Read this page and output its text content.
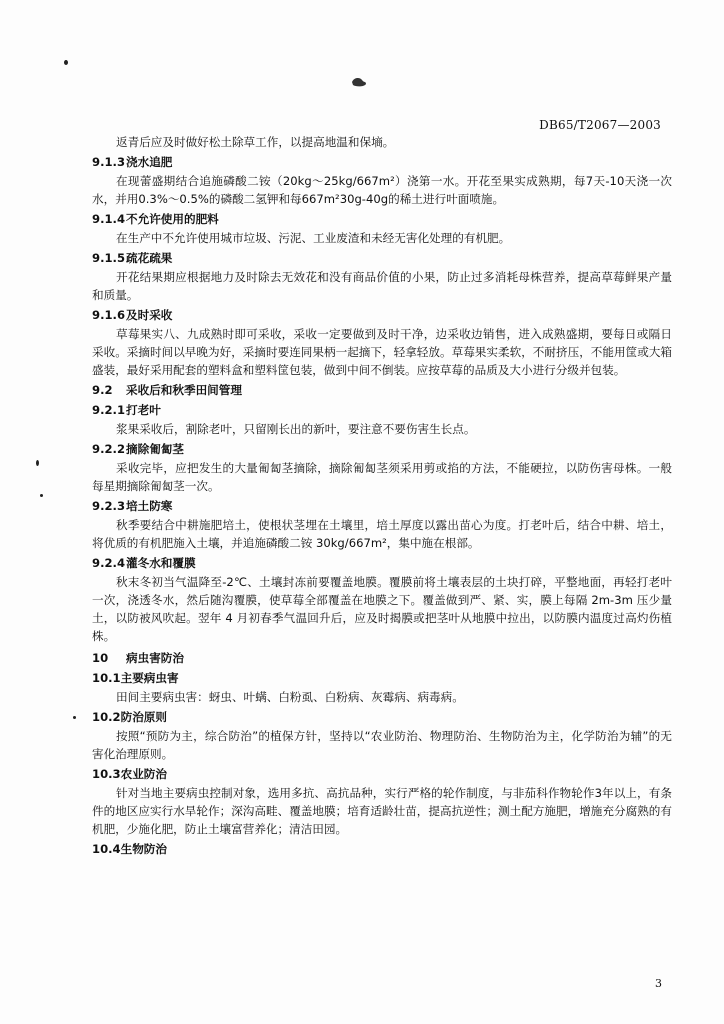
DB65/T2067—2003
返青后应及时做好松土除草工作，以提高地温和保墒。
9.1.3浇水追肥
在现蕾盛期结合追施磷酸二铵（20kg～25kg/667m²）浇第一水。开花至果实成熟期，每7天-10天浇一次水，并用0.3%～0.5%的磷酸二氢钾和每667m²30g-40g的稀土进行叶面喷施。
9.1.4不允许使用的肥料
在生产中不允许使用城市垃圾、污泥、工业废渣和未经无害化处理的有机肥。
9.1.5疏花疏果
开花结果期应根据地力及时除去无效花和没有商品价值的小果，防止过多消耗母株营养，提高草莓鲜果产量和质量。
9.1.6及时采收
草莓果实八、九成熟时即可采收，采收一定要做到及时干净，边采收边销售，进入成熟盛期，要每日或隔日采收。采摘时间以早晚为好，采摘时要连同果柄一起摘下，轻拿轻放。草莓果实柔软，不耐挤压，不能用筐或大箱盛装，最好采用配套的塑料盒和塑料筐包装，做到中间不倒装。应按草莓的品质及大小进行分级并包装。
9.2 采收后和秋季田间管理
9.2.1打老叶
浆果采收后，割除老叶，只留刚长出的新叶，要注意不要伤害生长点。
9.2.2摘除匍匐茎
采收完毕，应把发生的大量匍匐茎摘除，摘除匍匐茎须采用剪或掐的方法，不能硬拉，以防伤害母株。一般每星期摘除匍匐茎一次。
9.2.3培土防寒
秋季要结合中耕施肥培土，使根状茎埋在土壤里，培土厚度以露出苗心为度。打老叶后，结合中耕、培土，将优质的有机肥施入土壤，并追施磷酸二铵 30kg/667m²，集中施在根部。
9.2.4灌冬水和覆膜
秋末冬初当气温降至-2℃、土壤封冻前要覆盖地膜。覆膜前将土壤表层的土块打碎，平整地面，再轻打老叶一次，浇透冬水，然后随沟覆膜，使草莓全部覆盖在地膜之下。覆盖做到严、紧、实，膜上每隔 2m-3m 压少量土，以防被风吹起。翌年 4 月初春季气温回升后，应及时揭膜或把茎叶从地膜中拉出，以防膜内温度过高灼伤植株。
10 病虫害防治
10.1主要病虫害
田间主要病虫害：蚜虫、叶螨、白粉虱、白粉病、灰霉病、病毒病。
10.2防治原则
按照“预防为主，综合防治”的植保方针，坚持以“农业防治、物理防治、生物防治为主，化学防治为辅”的无害化治理原则。
10.3农业防治
针对当地主要病虫控制对象，选用多抗、高抗品种，实行严格的轮作制度，与非茄科作物轮作3年以上，有条件的地区应实行水旱轮作；深沟高畦、覆盖地膜；培育适龄壮苗，提高抗逆性；测土配方施肥，增施充分腐熟的有机肥，少施化肥，防止土壤富营养化；清洁田园。
10.4生物防治
3
